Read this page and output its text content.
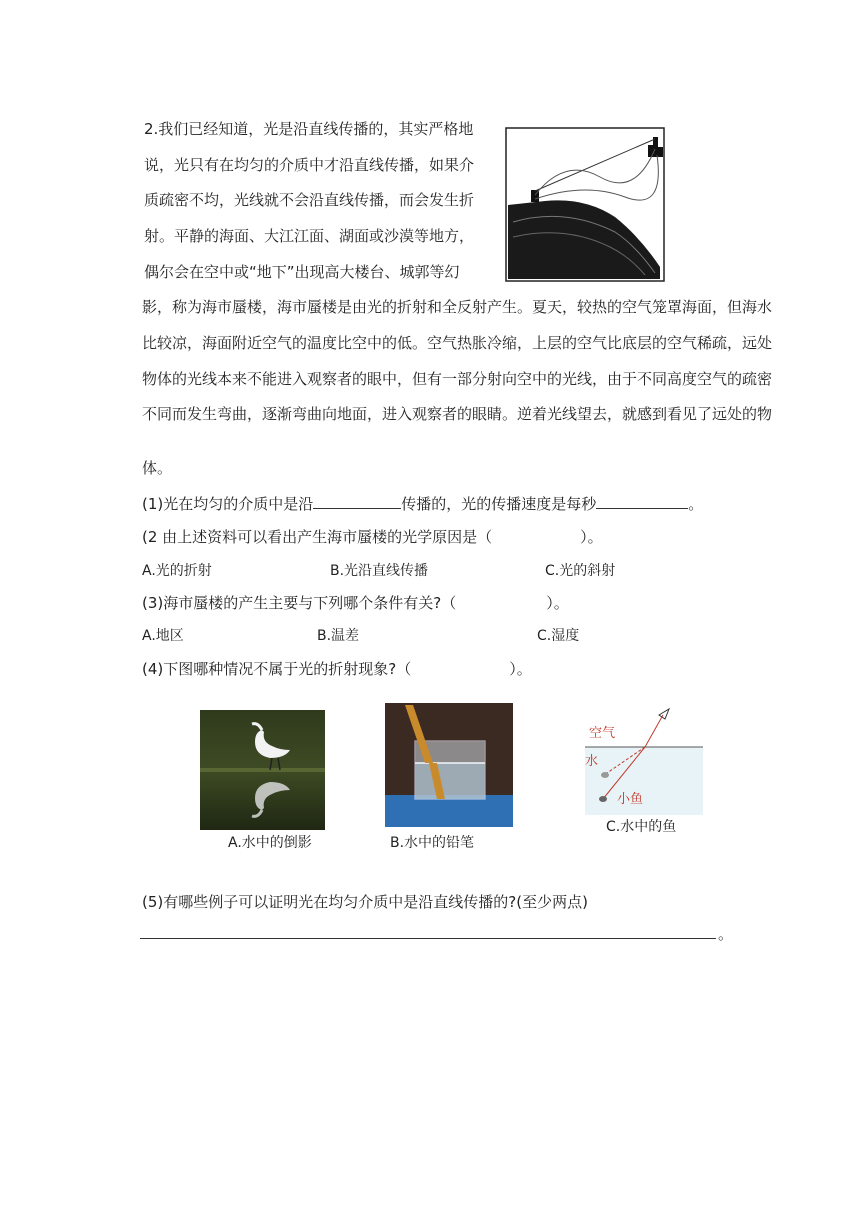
2.我们已经知道，光是沿直线传播的，其实严格地
说，光只有在均匀的介质中才沿直线传播，如果介
质疏密不均，光线就不会沿直线传播，而会发生折
射。平静的海面、大江江面、湖面或沙漠等地方，
偶尔会在空中或“地下”出现高大楼台、城郭等幻
影，称为海市蜃楼，海市蜃楼是由光的折射和全反射产生。夏天，较热的空气笼罩海面，但海水
比较凉，海面附近空气的温度比空中的低。空气热胀冷缩，上层的空气比底层的空气稀疏，远处
物体的光线本来不能进入观察者的眼中，但有一部分射向空中的光线，由于不同高度空气的疏密
不同而发生弯曲，逐渐弯曲向地面，进入观察者的眼睛。逆着光线望去，就感到看见了远处的物
体。
(1)光在均匀的介质中是沿	传播的，光的传播速度是每秒	。
(2 由上述资料可以看出产生海市蜃楼的光学原因是（	）。
A.光的折射	B.光沿直线传播	C.光的斜射
(3)海市蜃楼的产生主要与下列哪个条件有关?（	）。
A.地区	B.温差	C.湿度
(4)下图哪种情况不属于光的折射现象?（	）。
A.水中的倒影	B.水中的铅笔
空气
水
小鱼
C.水中的鱼
(5)有哪些例子可以证明光在均匀介质中是沿直线传播的?(至少两点)
。
